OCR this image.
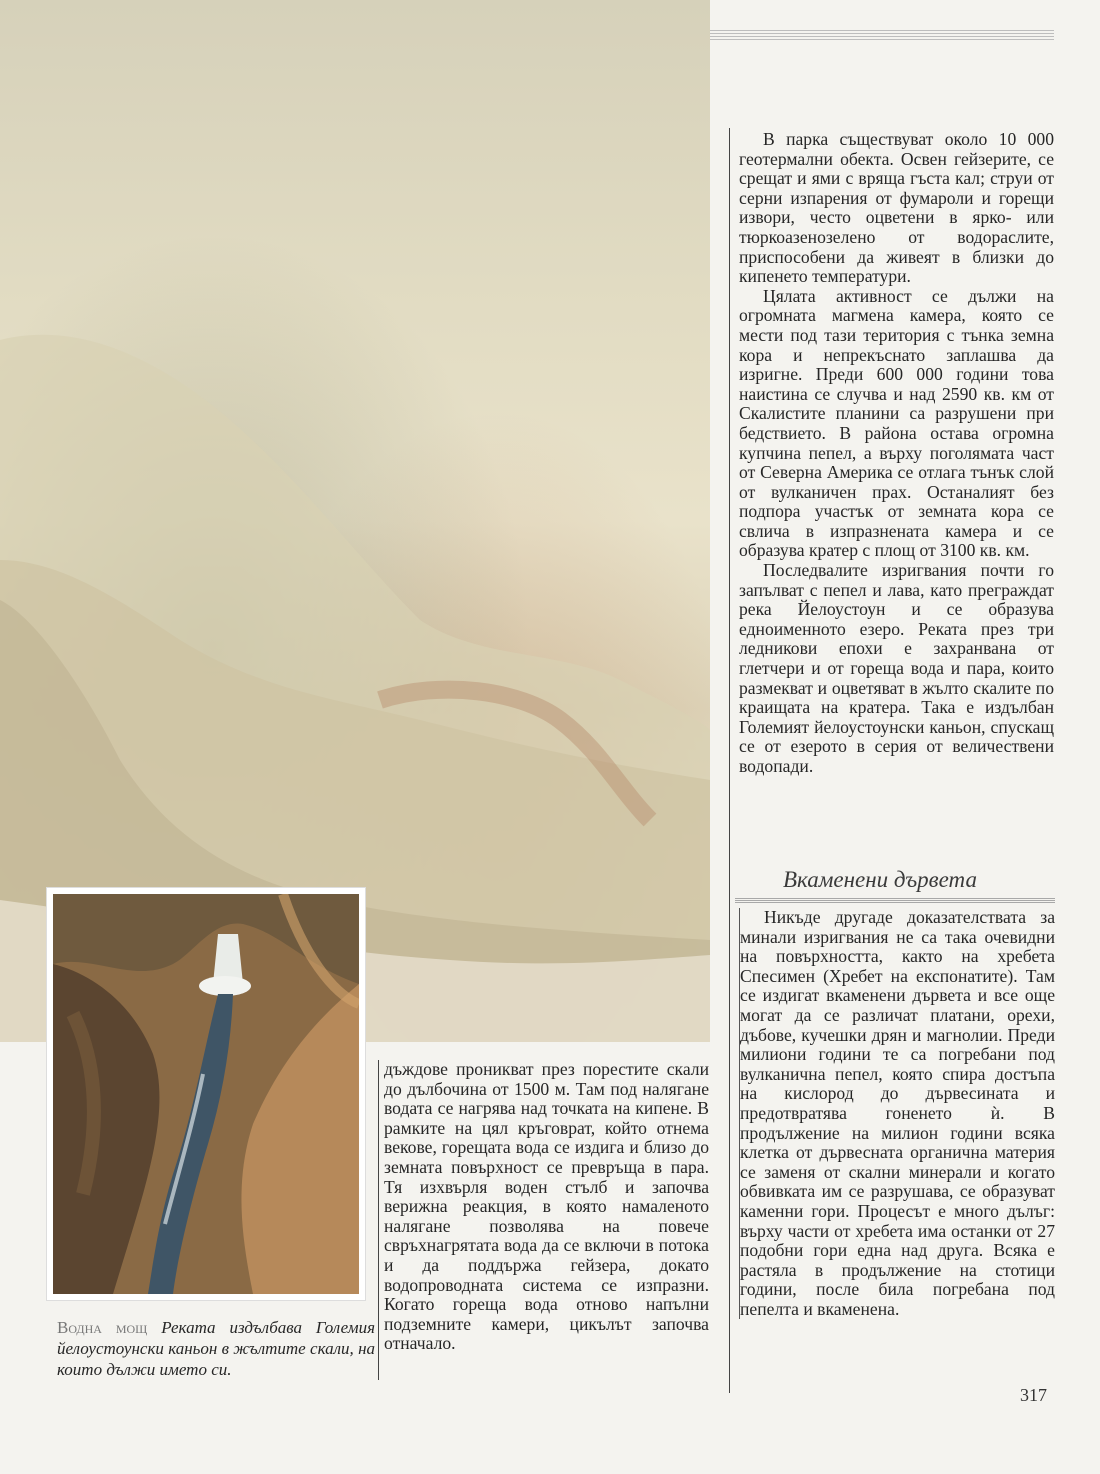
В парка съществуват около 10 000 геотермални обекта. Освен гейзерите, се срещат и ями с вряща гъста кал; струи от серни изпарения от фумароли и горещи извори, често оцветени в ярко- или тюркоазенозелено от водораслите, приспособени да живеят в близки до кипенето температури.

Цялата активност се дължи на огромната магмена камера, която се мести под тази територия с тънка земна кора и непрекъснато заплашва да изригне. Преди 600 000 години това наистина се случва и над 2590 кв. км от Скалистите планини са разрушени при бедствието. В района остава огромна купчина пепел, а върху поголямата част от Северна Америка се отлага тънък слой от вулканичен прах. Останалият без подпора участък от земната кора се свлича в изпразнената камера и се образува кратер с площ от 3100 кв. км.

Последвалите изригвания почти го запълват с пепел и лава, като преграждат река Йелоустоун и се образува едноименното езеро. Реката през три ледникови епохи е захранвана от глетчери и от гореща вода и пара, които размекват и оцветяват в жълто скалите по краищата на кратера. Така е издълбан Големият йелоустоунски каньон, спускащ се от езерото в серия от величествени водопади.

Вкаменени дървета

Никъде другаде доказателствата за минали изригвания не са така очевидни на повърхността, както на хребета Спесимен (Хребет на експонатите). Там се издигат вкаменени дървета и все още могат да се различат платани, орехи, дъбове, кучешки дрян и магнолии. Преди милиони години те са погребани под вулканична пепел, която спира достъпа на кислород до дървесината и предотвратява гоненето ѝ. В продължение на милион години всяка клетка от дървесната органична материя се заменя от скални минерали и когато обвивката им се разрушава, се образуват каменни гори. Процесът е много дълъг: върху части от хребета има останки от 27 подобни гори една над друга. Всяка е растяла в продължение на стотици години, после била погребана под пепелта и вкаменена.

Водна мощ Реката издълбава Големия йелоустоунски каньон в жълтите скали, на които дължи името си.

дъждове проникват през порестите скали до дълбочина от 1500 м. Там под налягане водата се нагрява над точката на кипене. В рамките на цял кръговрат, който отнема векове, горещата вода се издига и близо до земната повърхност се превръща в пара. Тя изхвърля воден стълб и започва верижна реакция, в която намаленото налягане позволява на повече свръхнагрятата вода да се включи в потока и да поддържа гейзера, докато водопроводната система се изпразни. Когато гореща вода отново напълни подземните камери, цикълът започва отначало.

317
